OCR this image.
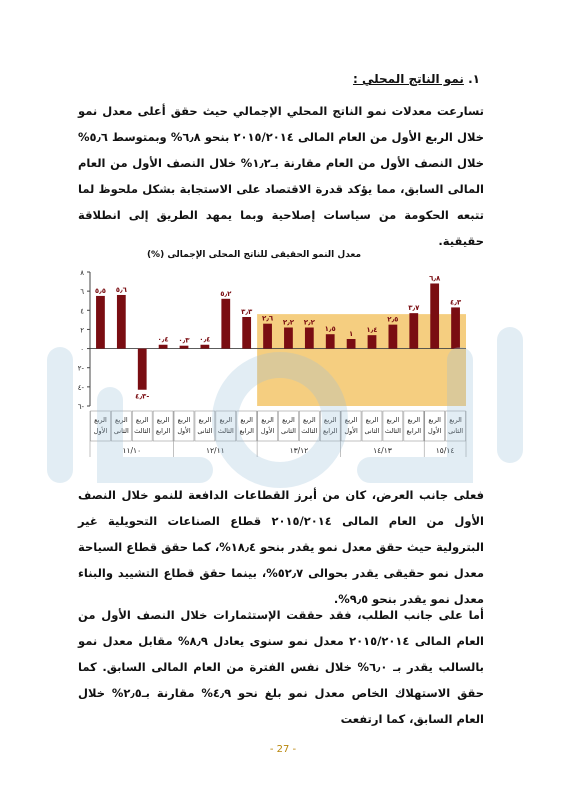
١. نمو الناتج المحلي :
تسارعت معدلات نمو الناتج المحلي الإجمالي حيث حقق أعلى معدل نمو خلال الربع الأول من العام المالى ٢٠١٥/٢٠١٤ بنحو ٦٫٨% وبمتوسط ٥٫٦% خلال النصف الأول من العام مقارنة بـ١٫٢% خلال النصف الأول من العام المالى السابق، مما يؤكد قدرة الاقتصاد على الاستجابة بشكل ملحوظ لما تتبعه الحكومة من سياسات إصلاحية وبما يمهد الطريق إلى انطلاقة حقيقية.
معدل النمو الحقيقى للناتج المحلى الإجمالى (%)
٨
٦
٤
٢
٠
٢-
٤-
٦-
٥٫٥ ٥٫٦
٤٫٣-
٠٫٤ ٠٫٣ ٠٫٤
٥٫٢
٣٫٣
٢٫٦ ٢٫٢ ٢٫٢
١٫٥
١ ١٫٤
٢٫٥
٣٫٧
٦٫٨
٤٫٣
الربع
الأول
الربع
الثانى
الربع
الثالث
الربع
الرابع
الربع
الأول
الربع
الثانى
الربع
الثالث
الربع
الرابع
الربع
الأول
الربع
الثانى
الربع
الثالث
الربع
الرابع
الربع
الأول
الربع
الثانى
الربع
الثالث
الربع
الرابع
الربع
الأول
الربع
الثانى
١١/١٠	١٢/١١	١٣/١٢	١٤/١٣	١٥/١٤
فعلى جانب العرض، كان من أبرز القطاعات الدافعة للنمو خلال النصف الأول من العام المالى ٢٠١٥/٢٠١٤ قطاع الصناعات التحويلية غير البترولية حيث حقق معدل نمو يقدر بنحو ١٨٫٤%، كما حقق قطاع السياحة معدل نمو حقيقى يقدر بحوالى ٥٢٫٧%، بينما حقق قطاع التشييد والبناء معدل نمو يقدر بنحو ٩٫٥%.
أما على جانب الطلب، فقد حققت الإستثمارات خلال النصف الأول من العام المالى ٢٠١٥/٢٠١٤ معدل نمو سنوى يعادل ٨٫٩% مقابل معدل نمو بالسالب يقدر بـ ٦٫٠% خلال نفس الفترة من العام المالى السابق. كما حقق الاستهلاك الخاص معدل نمو بلغ نحو ٤٫٩% مقارنة بـ٢٫٥% خلال العام السابق، كما ارتفعت
- 27 -
